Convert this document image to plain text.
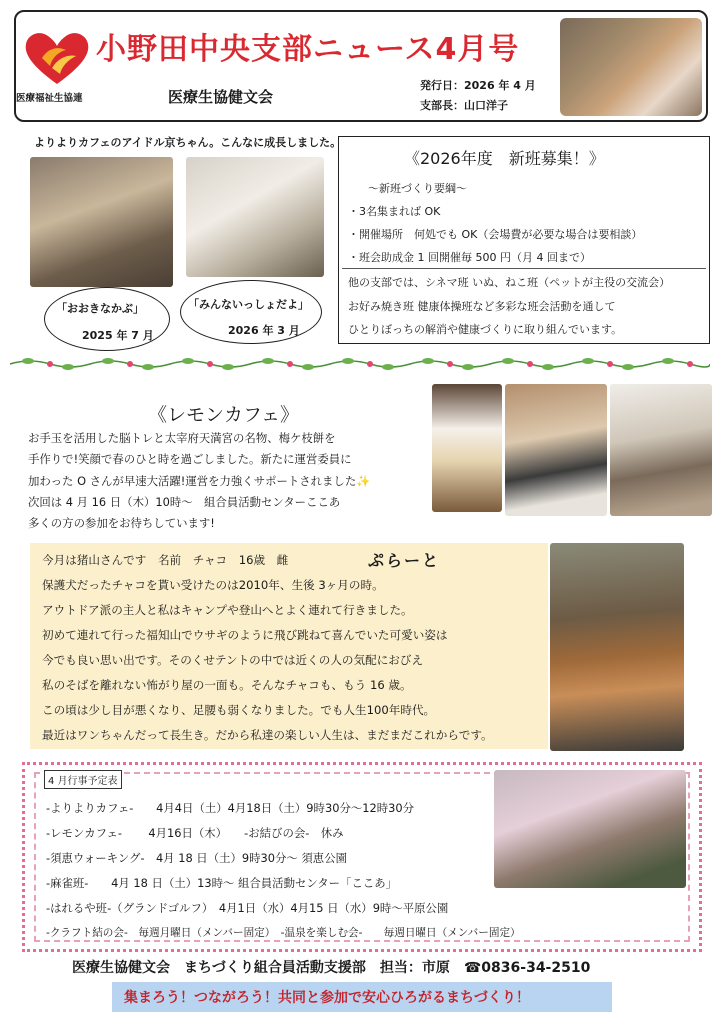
医療福祉生協連
小野田中央支部ニュース4月号
医療生協健文会
発行日：2026 年 4 月
支部長：山口洋子
よりよりカフェのアイドル京ちゃん。こんなに成長しました。
「おおきなかぶ」
2025 年 7 月
「みんないっしょだよ」
2026 年 3 月
《2026年度　新班募集！》
～新班づくり要綱～
・3名集まれば OK
・開催場所　何処でも OK（会場費が必要な場合は要相談）
・班会助成金 1 回開催毎 500 円（月 4 回まで）
他の支部では、シネマ班 いぬ、ねこ班（ペットが主役の交流会）
お好み焼き班 健康体操班など多彩な班会活動を通して
ひとりぼっちの解消や健康づくりに取り組んでいます。
《レモンカフェ》
お手玉を活用した脳トレと太宰府天満宮の名物、梅ケ枝餅を
手作りで!笑顔で春のひと時を過ごしました。新たに運営委員に
加わった O さんが早速大活躍!運営を力強くサポートされました✨
次回は 4 月 16 日（木）10時～　組合員活動センターここあ
多くの方の参加をお待ちしています!
ぷらーと
今月は猪山さんです　名前　チャコ　16歳　雌
保護犬だったチャコを貰い受けたのは2010年、生後 3ヶ月の時。
アウトドア派の主人と私はキャンプや登山へとよく連れて行きました。
初めて連れて行った福知山でウサギのように飛び跳ねて喜んでいた可愛い姿は
今でも良い思い出です。そのくせテントの中では近くの人の気配におびえ
私のそばを離れない怖がり屋の一面も。そんなチャコも、もう 16 歳。
この頃は少し目が悪くなり、足腰も弱くなりました。でも人生100年時代。
最近はワンちゃんだって長生き。だから私達の楽しい人生は、まだまだこれからです。
4 月行事予定表
-よりよりカフェ-　　4月4日（土）4月18日（土）9時30分～12時30分
-レモンカフェ-　　 4月16日（木）　　-お結びの会-　休み
-須恵ウォーキング-　4月 18 日（土）9時30分～ 須恵公園
-麻雀班-　　4月 18 日（土）13時～ 組合員活動センター「ここあ」
-はれるや班-（グランドゴルフ）　4月1日（水）4月15 日（水）9時～平原公園
-クラフト結の会-　毎週月曜日（メンバー固定）　-温泉を楽しむ会-　　毎週日曜日（メンバー固定）
医療生協健文会　まちづくり組合員活動支援部　担当：市原　☎0836-34-2510
集まろう！つながろう！共同と参加で安心ひろがるまちづくり！
